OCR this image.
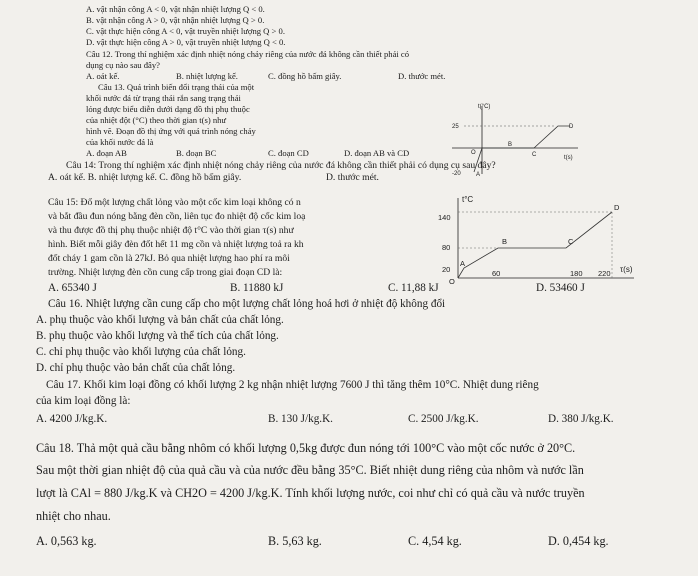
A. vật nhận công A < 0, vật nhận nhiệt lượng Q < 0.
B. vật nhận công A > 0, vật nhận nhiệt lượng Q > 0.
C. vật thực hiện công A < 0, vật truyền nhiệt lượng Q > 0.
D. vật thực hiện công A > 0, vật truyền nhiệt lượng Q < 0.
Câu 12. Trong thí nghiệm xác định nhiệt nóng chảy riêng của nước đá không cần thiết phải có
dụng cụ nào sau đây?
A. oát kế.	B. nhiệt lượng kế.	C. đồng hồ bấm giây.	D. thước mét.
Câu 13. Quá trình biến đổi trạng thái của một
khối nước đá từ trạng thái rắn sang trạng thái
lỏng được biểu diễn dưới dạng đồ thị phụ thuộc
của nhiệt đột (°C) theo thời gian t(s) như
hình vẽ. Đoạn đồ thị ứng với quá trình nóng chảy
của khối nước đá là
A. đoạn AB	B. đoạn BC	C. đoạn CD	D. đoạn AB và CD
t(°C)
t(s)
25
-20
O
A
B
C
D
Câu 14: Trong thí nghiệm xác định nhiệt nóng chảy riêng của nước đá không cần thiết phải có dụng cụ sau đây?
A. oát kế. B. nhiệt lượng kế. C. đồng hồ bấm giây.	D. thước mét.
Câu 15: Đổ một lượng chất lỏng vào một cốc kim loại không có n
và bắt đầu đun nóng bằng đèn cồn, liên tục đo nhiệt độ cốc kim loạ
và thu được đồ thị phụ thuộc nhiệt độ t°C vào thời gian τ(s) như
hình. Biết mỗi giây đèn đốt hết 11 mg cồn và nhiệt lượng toả ra kh
đốt cháy 1 gam cồn là 27kJ. Bỏ qua nhiệt lượng hao phí ra môi
trường. Nhiệt lượng đèn cồn cung cấp trong giai đoạn CD là:
A. 65340 J	B. 11880 kJ	C. 11,88 kJ	D. 53460 J
t°C
τ(s)
140
80
20	60	180 220
O
A
B	C
D
Câu 16. Nhiệt lượng cần cung cấp cho một lượng chất lỏng hoá hơi ở nhiệt độ không đổi
A. phụ thuộc vào khối lượng và bản chất của chất lỏng.
B. phụ thuộc vào khối lượng và thể tích của chất lỏng.
C. chỉ phụ thuộc vào khối lượng của chất lỏng.
D. chỉ phụ thuộc vào bản chất của chất lỏng.
Câu 17. Khối kim loại đồng có khối lượng 2 kg nhận nhiệt lượng 7600 J thì tăng thêm 10°C. Nhiệt dung riêng
của kim loại đồng là:
A. 4200 J/kg.K.	B. 130 J/kg.K.	C. 2500 J/kg.K.	D. 380 J/kg.K.
Câu 18. Thả một quả cầu bằng nhôm có khối lượng 0,5kg được đun nóng tới 100°C vào một cốc nước ở 20°C.
Sau một thời gian nhiệt độ của quả cầu và của nước đều bằng 35°C. Biết nhiệt dung riêng của nhôm và nước lần
lượt là CAl = 880 J/kg.K và CH2O = 4200 J/kg.K. Tính khối lượng nước, coi như chỉ có quả cầu và nước truyền
nhiệt cho nhau.
A. 0,563 kg.	B. 5,63 kg.	C. 4,54 kg.	D. 0,454 kg.
